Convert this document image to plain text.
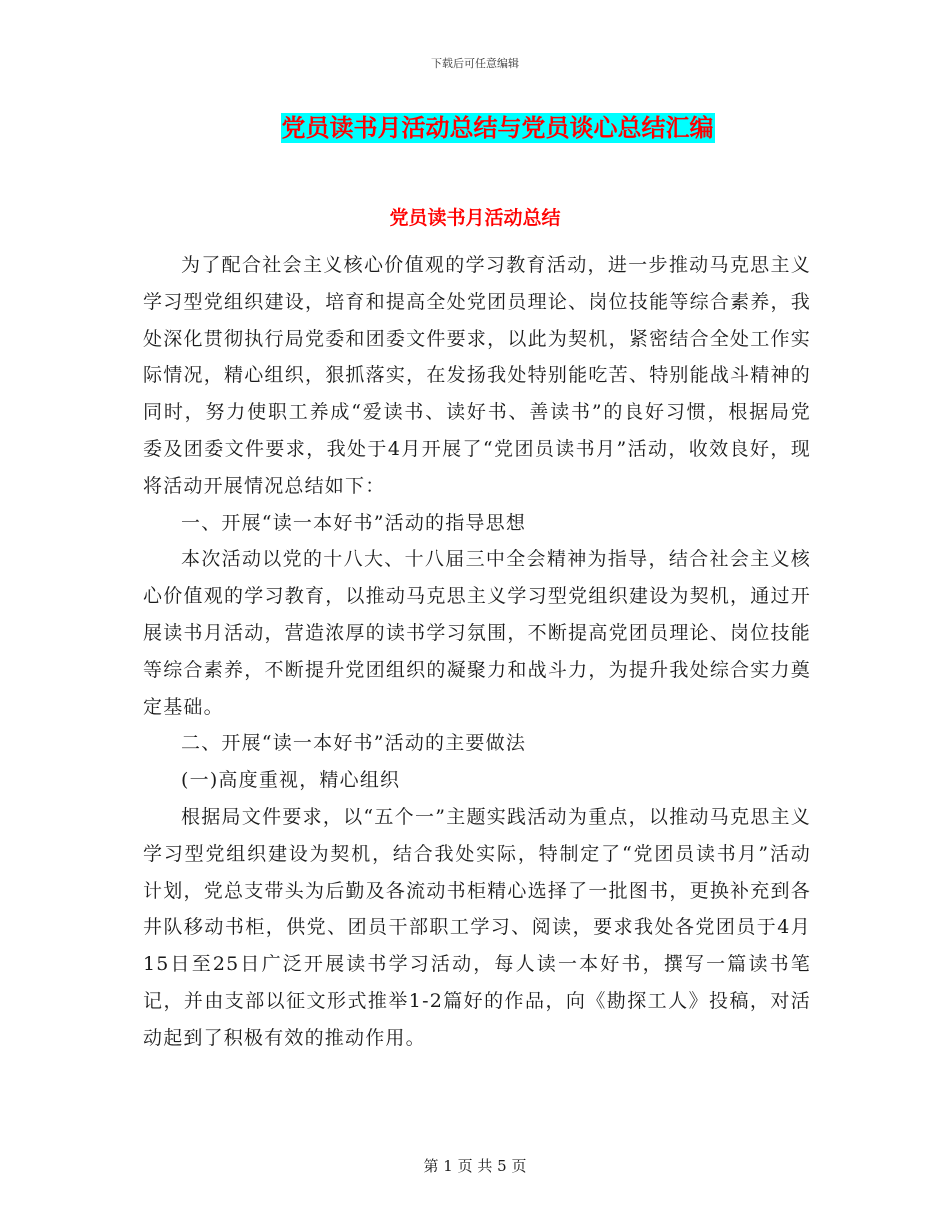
下载后可任意编辑
党员读书月活动总结与党员谈心总结汇编
党员读书月活动总结

为了配合社会主义核心价值观的学习教育活动，进一步推动马克思主义学习型党组织建设，培育和提高全处党团员理论、岗位技能等综合素养，我处深化贯彻执行局党委和团委文件要求，以此为契机，紧密结合全处工作实际情况，精心组织，狠抓落实，在发扬我处特别能吃苦、特别能战斗精神的同时，努力使职工养成“爱读书、读好书、善读书”的良好习惯，根据局党委及团委文件要求，我处于4月开展了“党团员读书月”活动，收效良好，现将活动开展情况总结如下：

一、开展“读一本好书”活动的指导思想

本次活动以党的十八大、十八届三中全会精神为指导，结合社会主义核心价值观的学习教育，以推动马克思主义学习型党组织建设为契机，通过开展读书月活动，营造浓厚的读书学习氛围，不断提高党团员理论、岗位技能等综合素养，不断提升党团组织的凝聚力和战斗力，为提升我处综合实力奠定基础。

二、开展“读一本好书”活动的主要做法

(一)高度重视，精心组织

根据局文件要求，以“五个一”主题实践活动为重点，以推动马克思主义学习型党组织建设为契机，结合我处实际，特制定了“党团员读书月”活动计划，党总支带头为后勤及各流动书柜精心选择了一批图书，更换补充到各井队移动书柜，供党、团员干部职工学习、阅读，要求我处各党团员于4月15日至25日广泛开展读书学习活动，每人读一本好书，撰写一篇读书笔记，并由支部以征文形式推举1-2篇好的作品，向《勘探工人》投稿，对活动起到了积极有效的推动作用。

第 1 页 共 5 页
